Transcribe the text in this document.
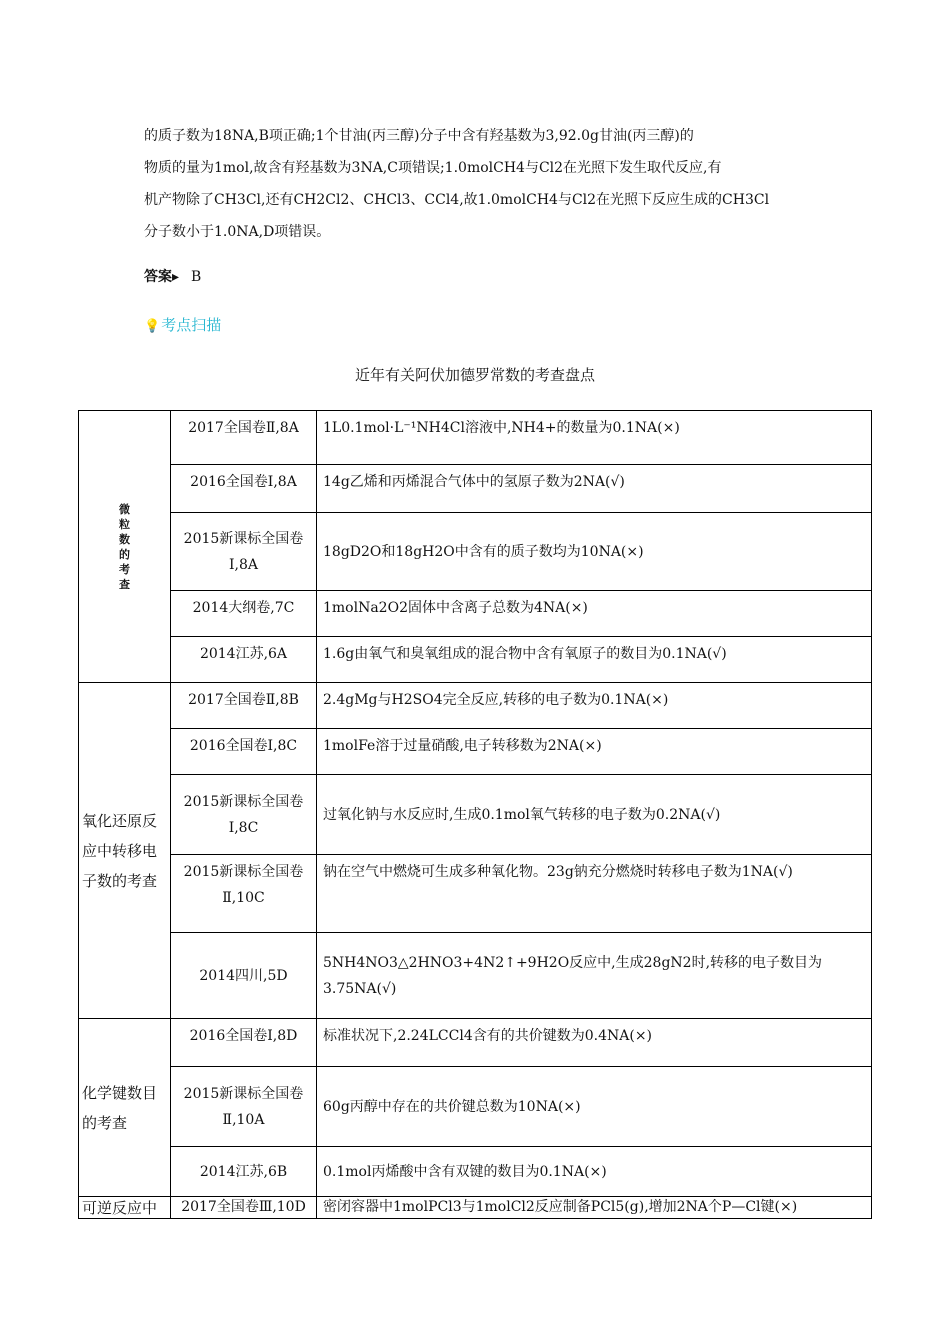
的质子数为18NA,B项正确;1个甘油(丙三醇)分子中含有羟基数为3,92.0g甘油(丙三醇)的
物质的量为1mol,故含有羟基数为3NA,C项错误;1.0molCH4与Cl2在光照下发生取代反应,有
机产物除了CH3Cl,还有CH2Cl2、CHCl3、CCl4,故1.0molCH4与Cl2在光照下反应生成的CH3Cl
分子数小于1.0NA,D项错误。
答案▸ B
💡考点扫描
近年有关阿伏加德罗常数的考查盘点
微粒数的考查	2017全国卷Ⅱ,8A	1L0.1mol·L⁻¹NH4Cl溶液中,NH4+的数量为0.1NA(×)
	2016全国卷Ⅰ,8A	14g乙烯和丙烯混合气体中的氢原子数为2NA(√)
	2015新课标全国卷Ⅰ,8A	18gD2O和18gH2O中含有的质子数均为10NA(×)
	2014大纲卷,7C	1molNa2O2固体中含离子总数为4NA(×)
	2014江苏,6A	1.6g由氧气和臭氧组成的混合物中含有氧原子的数目为0.1NA(√)
氧化还原反应中转移电子数的考查	2017全国卷Ⅱ,8B	2.4gMg与H2SO4完全反应,转移的电子数为0.1NA(×)
	2016全国卷Ⅰ,8C	1molFe溶于过量硝酸,电子转移数为2NA(×)
	2015新课标全国卷Ⅰ,8C	过氧化钠与水反应时,生成0.1mol氧气转移的电子数为0.2NA(√)
	2015新课标全国卷Ⅱ,10C	钠在空气中燃烧可生成多种氧化物。23g钠充分燃烧时转移电子数为1NA(√)
	2014四川,5D	5NH4NO3△2HNO3+4N2↑+9H2O反应中,生成28gN2时,转移的电子数目为3.75NA(√)
化学键数目的考查	2016全国卷Ⅰ,8D	标准状况下,2.24LCCl4含有的共价键数为0.4NA(×)
	2015新课标全国卷Ⅱ,10A	60g丙醇中存在的共价键总数为10NA(×)
	2014江苏,6B	0.1mol丙烯酸中含有双键的数目为0.1NA(×)
可逆反应中	2017全国卷Ⅲ,10D	密闭容器中1molPCl3与1molCl2反应制备PCl5(g),增加2NA个P—Cl键(×)
